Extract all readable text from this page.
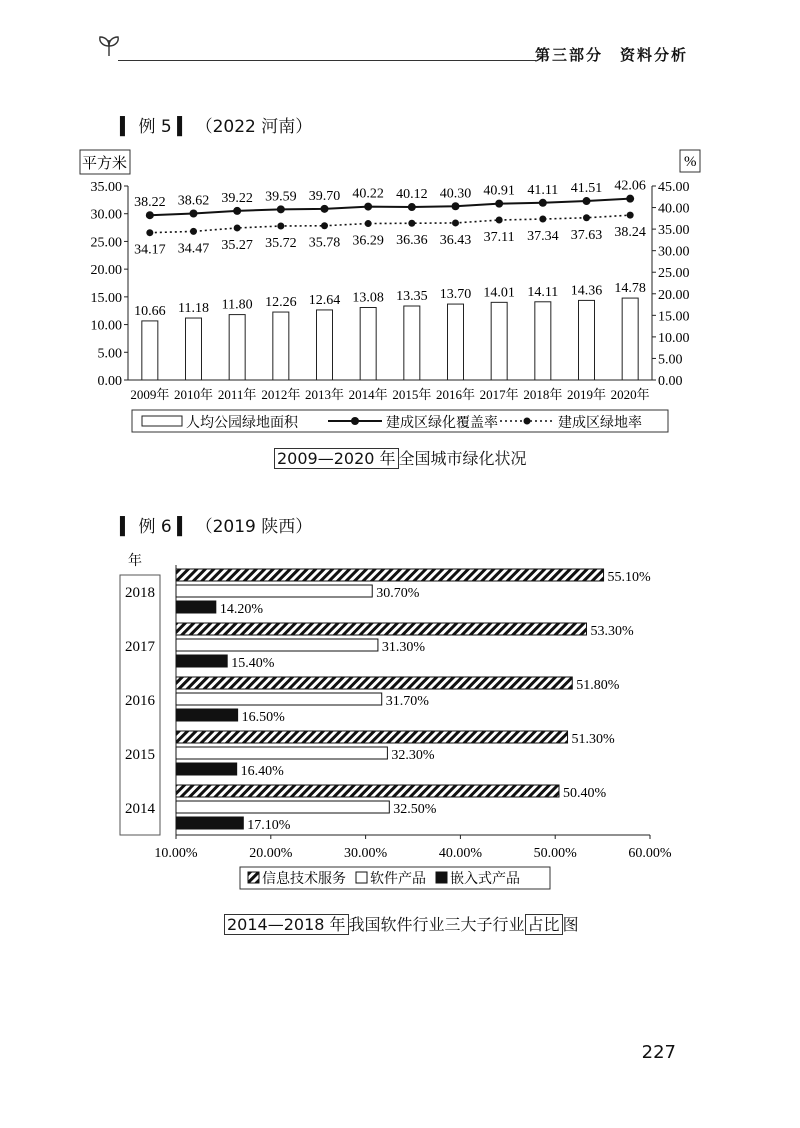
第三部分　资料分析
▍ 例 5 ▍ （2022 河南）
平方米	%
0.00
5.00
10.00
15.00
20.00
25.00
30.00
35.00
0.00
5.00
10.00
15.00
20.00
25.00
30.00
35.00
40.00
45.00
2009年 2010年 2011年 2012年 2013年 2014年 2015年 2016年 2017年 2018年 2019年 2020年
10.66 11.18 11.80 12.26 12.64 13.08 13.35 13.70 14.01 14.11 14.36 14.78
38.22 38.62 39.22 39.59 39.70 40.22 40.12 40.30 40.91 41.11 41.51 42.06
34.17 34.47 35.27 35.72 35.78 36.29 36.36 36.43 37.11 37.34 37.63 38.24
人均公园绿地面积	建成区绿化覆盖率	建成区绿地率
2009—2020 年 全国城市绿化状况
▍ 例 6 ▍ （2019 陕西）
年
10.00%	20.00%	30.00%	40.00%	50.00%	60.00%
2018
55.10%
30.70%
14.20%
2017
53.30%
31.30%
15.40%
2016
51.80%
31.70%
16.50%
2015
51.30%
32.30%
16.40%
2014
50.40%
32.50%
17.10%
信息技术服务 软件产品 嵌入式产品
2014—2018 年 我国软件行业三大子行业 占比 图
227
